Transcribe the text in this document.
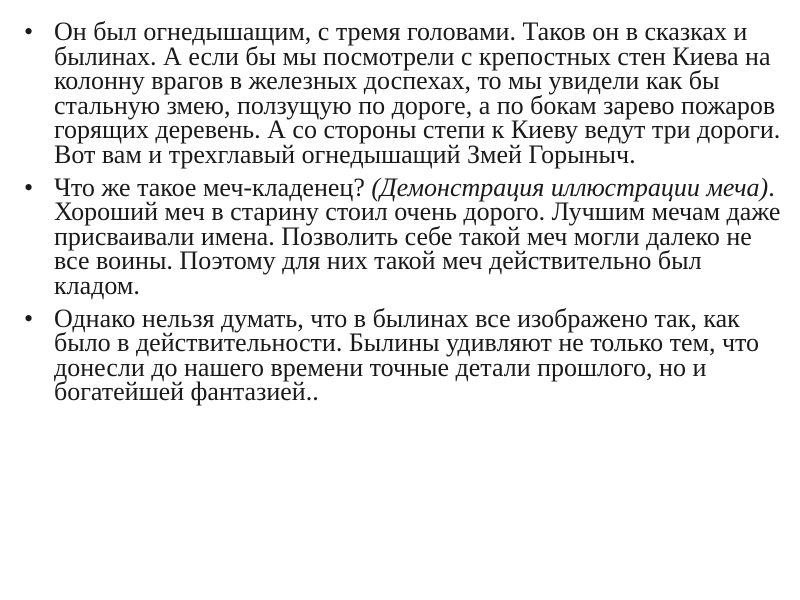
• Он был огнедышащим, с тремя головами. Таков он в сказках и былинах. А если бы мы посмотрели с крепостных стен Киева на колонну врагов в железных доспехах, то мы увидели как бы стальную змею, ползущую по дороге, а по бокам зарево пожаров горящих деревень. А со стороны степи к Киеву ведут три дороги. Вот вам и трехглавый огнедышащий Змей Горыныч.
• Что же такое меч-кладенец? (Демонстрация иллюстрации меча). Хороший меч в старину стоил очень дорого. Лучшим мечам даже присваивали имена. Позволить себе такой меч могли далеко не все воины. Поэтому для них такой меч действительно был кладом.
• Однако нельзя думать, что в былинах все изображено так, как было в действительности. Былины удивляют не только тем, что донесли до нашего времени точные детали прошлого, но и богатейшей фантазией..
